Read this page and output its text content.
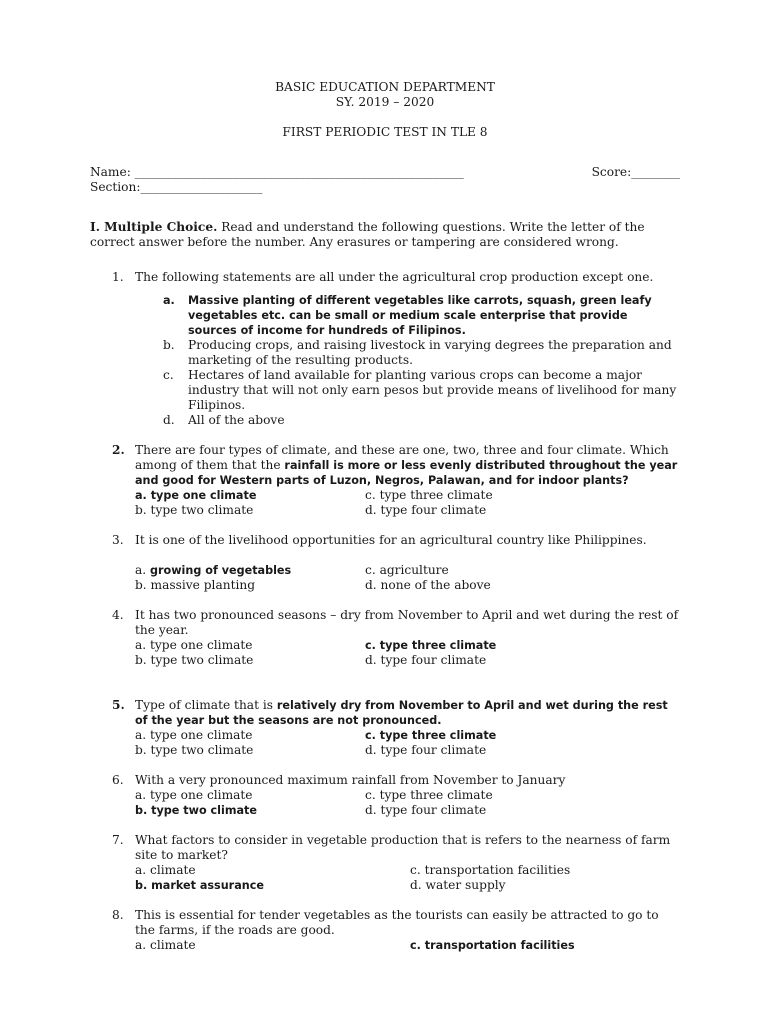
BASIC EDUCATION DEPARTMENT
SY. 2019 – 2020
FIRST PERIODIC TEST IN TLE 8
Name: ______________________________________________________	Score:________
Section:____________________
I. Multiple Choice. Read and understand the following questions. Write the letter of the correct answer before the number. Any erasures or tampering are considered wrong.
1. The following statements are all under the agricultural crop production except one.
a. Massive planting of different vegetables like carrots, squash, green leafy vegetables etc. can be small or medium scale enterprise that provide sources of income for hundreds of Filipinos.
b. Producing crops, and raising livestock in varying degrees the preparation and marketing of the resulting products.
c. Hectares of land available for planting various crops can become a major industry that will not only earn pesos but provide means of livelihood for many Filipinos.
d. All of the above
2. There are four types of climate, and these are one, two, three and four climate. Which among of them that the rainfall is more or less evenly distributed throughout the year and good for Western parts of Luzon, Negros, Palawan, and for indoor plants?
a. type one climate	c. type three climate
b. type two climate	d. type four climate
3. It is one of the livelihood opportunities for an agricultural country like Philippines.
a. growing of vegetables	c. agriculture
b. massive planting	d. none of the above
4. It has two pronounced seasons – dry from November to April and wet during the rest of the year.
a. type one climate	c. type three climate
b. type two climate	d. type four climate
5. Type of climate that is relatively dry from November to April and wet during the rest of the year but the seasons are not pronounced.
a. type one climate	c. type three climate
b. type two climate	d. type four climate
6. With a very pronounced maximum rainfall from November to January
a. type one climate	c. type three climate
b. type two climate	d. type four climate
7. What factors to consider in vegetable production that is refers to the nearness of farm site to market?
a. climate	c. transportation facilities
b. market assurance	d. water supply
8. This is essential for tender vegetables as the tourists can easily be attracted to go to the farms, if the roads are good.
a. climate	c. transportation facilities
